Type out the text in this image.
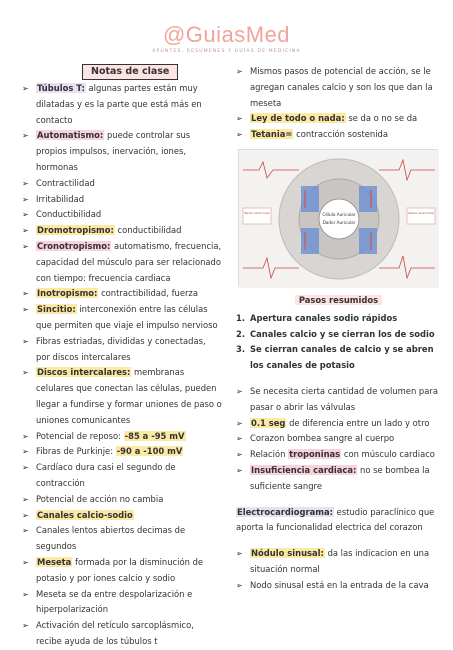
@GuiasMed
APUNTES, RESÚMENES Y GUÍAS DE MEDICINA
Notas de clase
➢ Túbulos T: algunas partes están muy dilatadas y es la parte que está más en contacto
➢ Automatismo: puede controlar sus propios impulsos, inervación, iones, hormonas
➢ Contractilidad
➢ Irritabilidad
➢ Conductibilidad
➢ Dromotropismo: conductibilidad
➢ Cronotropismo: automatismo, frecuencia, capacidad del músculo para ser relacionado con tiempo: frecuencia cardiaca
➢ Inotropismo: contractibilidad, fuerza
➢ Sincitio: interconexión entre las células que permiten que viaje el impulso nervioso
➢ Fibras estriadas, divididas y conectadas, por discos intercalares
➢ Discos intercalares: membranas celulares que conectan las células, pueden llegar a fundirse y formar uniones de paso o uniones comunicantes
➢ Potencial de reposo: -85 a -95 mV
➢ Fibras de Purkinje: -90 a -100 mV
➢ Cardíaco dura casi el segundo de contracción
➢ Potencial de acción no cambia
➢ Canales calcio-sodio
➢ Canales lentos abiertos decimas de segundos
➢ Meseta formada por la disminución de potasio y por iones calcio y sodio
➢ Meseta se da entre despolarización e hiperpolarización
➢ Activación del retículo sarcoplásmico, recibe ayuda de los túbulos t
➢ Mismos pasos de potencial de acción, se le agregan canales calcio y son los que dan la meseta
➢ Ley de todo o nada: se da o no se da
➢ Tetania= contracción sostenida
Célula Auricular
Dador Auricular
Tejido ventricular	Célula ventricular
Pasos resumidos
1. Apertura canales sodio rápidos
2. Canales calcio y se cierran los de sodio
3. Se cierran canales de calcio y se abren los canales de potasio
➢ Se necesita cierta cantidad de volumen para pasar o abrir las válvulas
➢ 0.1 seg de diferencia entre un lado y otro
➢ Corazon bombea sangre al cuerpo
➢ Relación troponinas con músculo cardiaco
➢ Insuficiencia cardiaca: no se bombea la suficiente sangre
Electrocardiograma: estudio paraclínico que aporta la funcionalidad electrica del corazon
➢ Nódulo sinusal: da las indicacion en una situación normal
➢ Nodo sinusal está en la entrada de la cava
